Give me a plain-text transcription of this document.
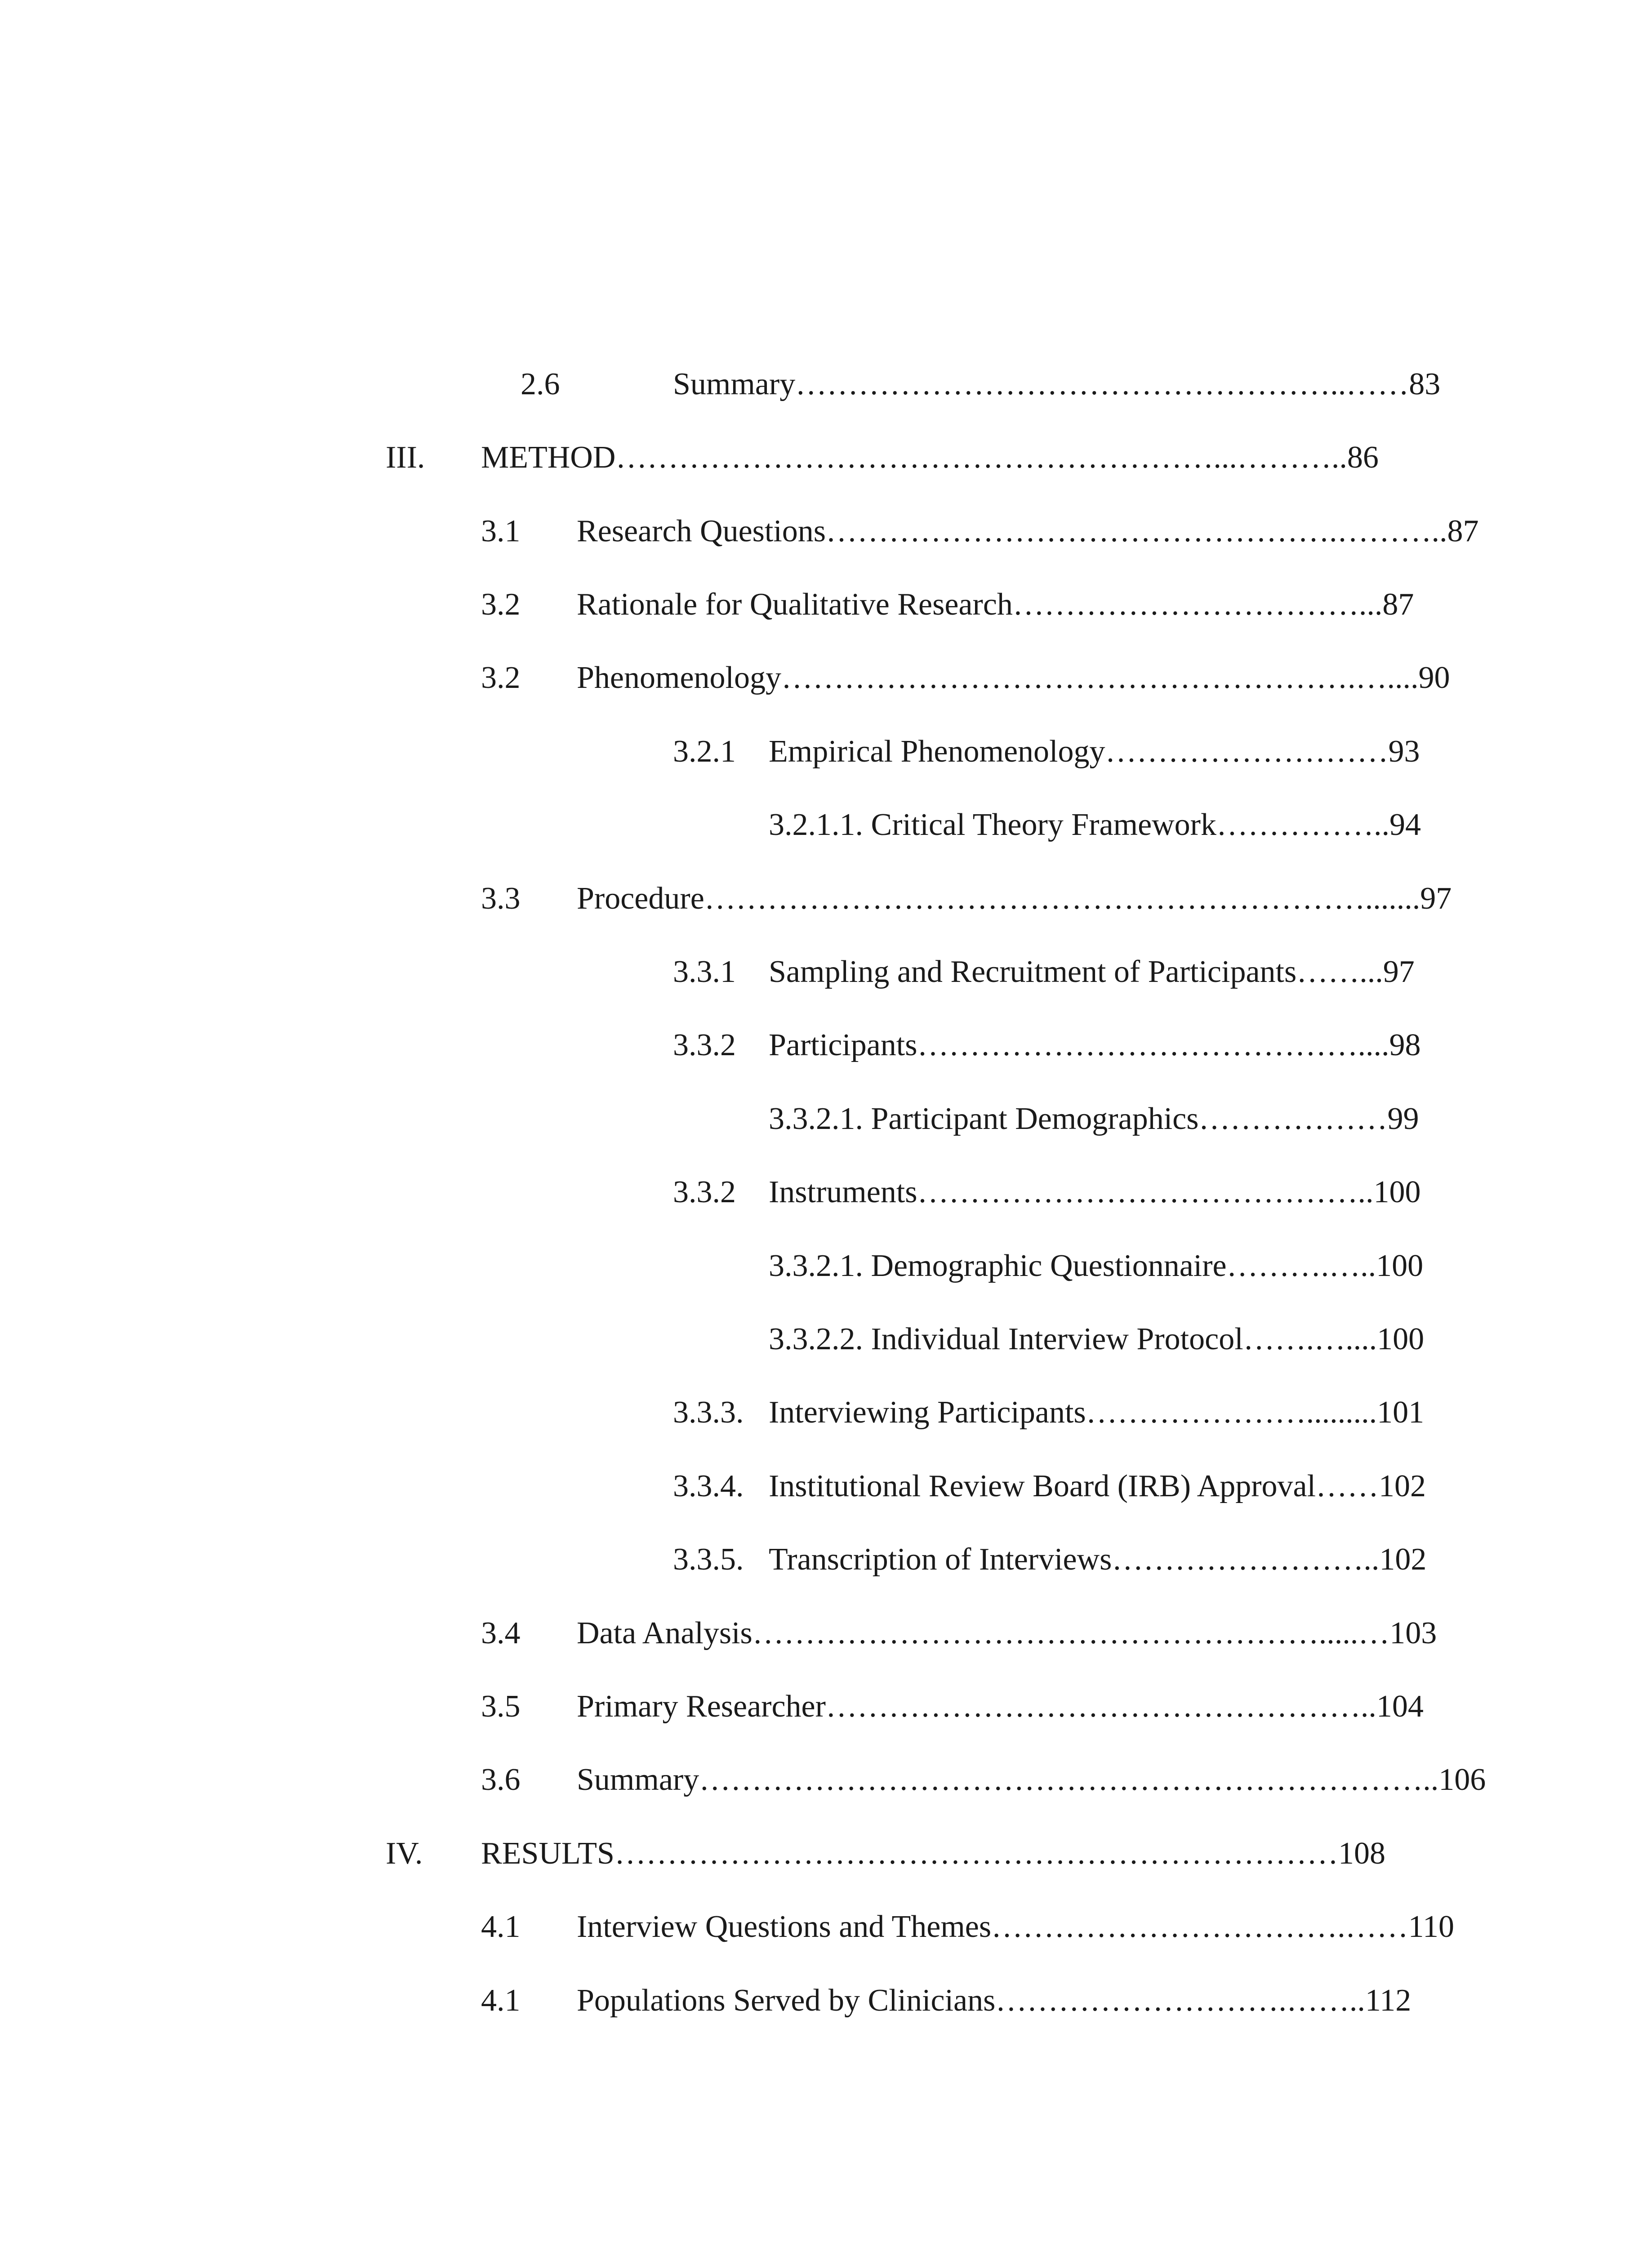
2.6	Summary……………………………………………..……83
III. METHOD…………………………………………………...………..86
3.1 Research Questions………………………………………….………..87
3.2 Rationale for Qualitative Research……………………………...87
3.2 Phenomenology……………………………………………….…....90
3.2.1 Empirical Phenomenology………………………93
3.2.1.1. Critical Theory Framework……………..94
3.3 Procedure……………………………………………………….......97
3.3.1 Sampling and Recruitment of Participants……...97
3.3.2 Participants……………………………………....98
3.3.2.1. Participant Demographics………………99
3.3.2 Instruments……………………………………..100
3.3.2.1. Demographic Questionnaire……….…..100
3.3.2.2. Individual Interview Protocol…….…....100
3.3.3. Interviewing Participants………………….........101
3.3.4. Institutional Review Board (IRB) Approval……102
3.3.5. Transcription of Interviews……………………..102
3.4 Data Analysis……………………………………………….....…103
3.5 Primary Researcher……………………………………………..104
3.6 Summary……………………………………………………………..106
IV. RESULTS……………………………………………………………108
4.1 Interview Questions and Themes…………………………….……110
4.1 Populations Served by Clinicians……………………….……..112
